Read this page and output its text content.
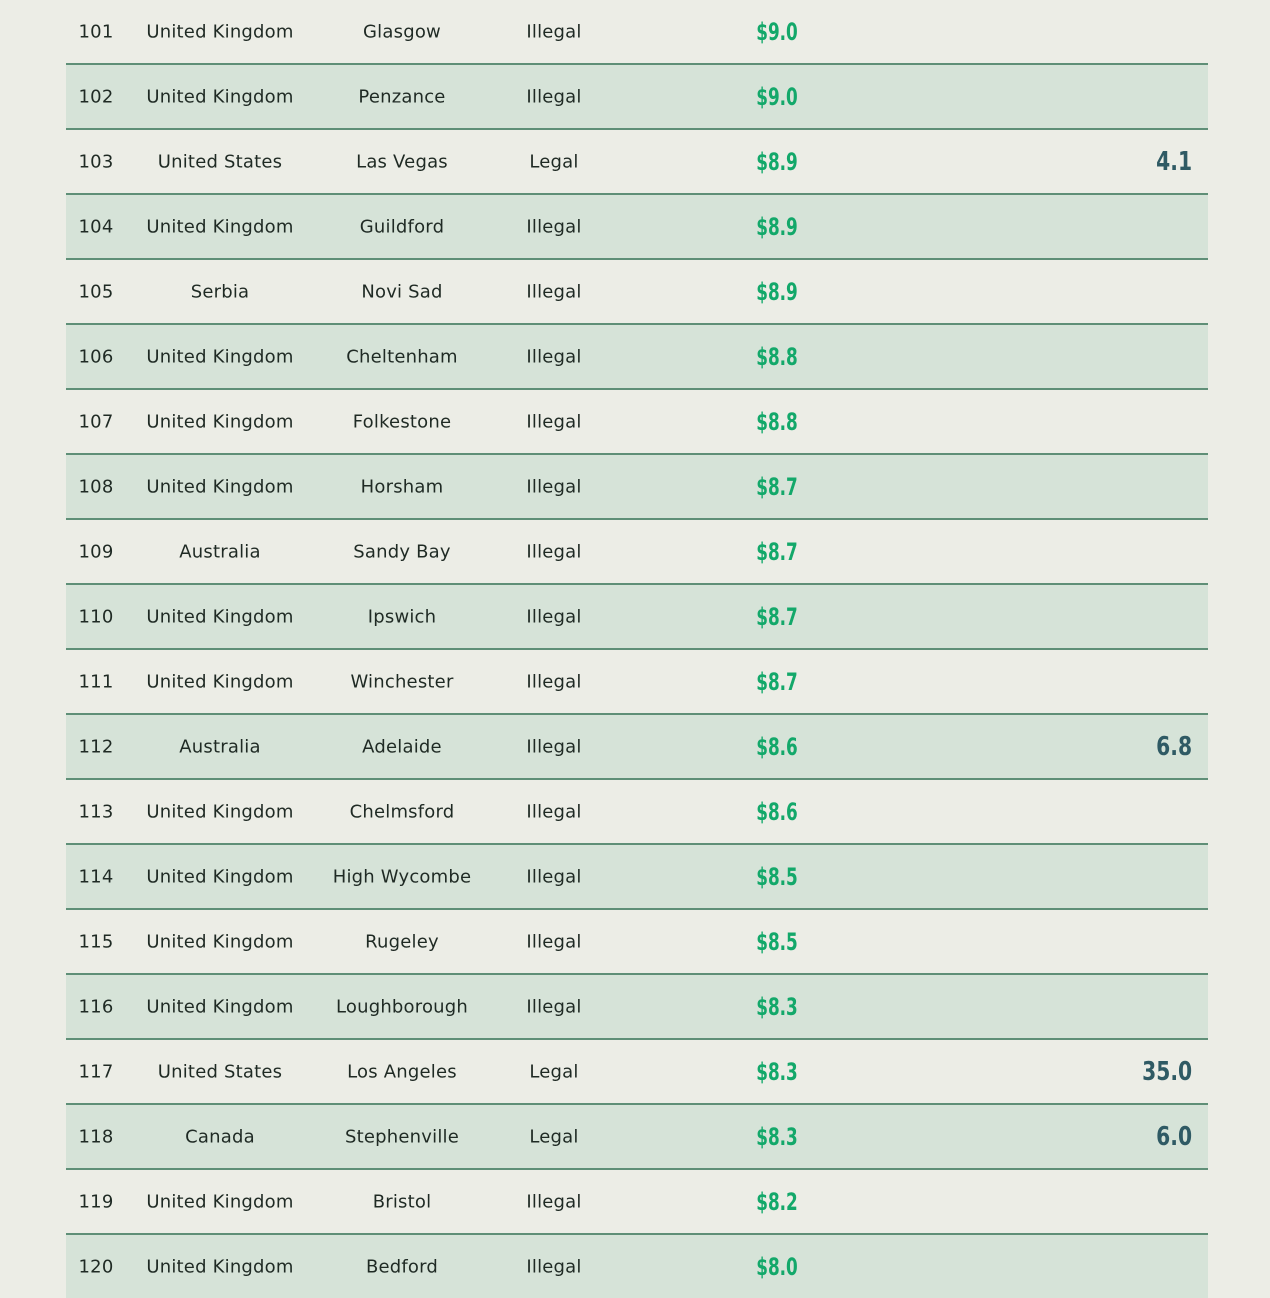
101 United Kingdom	Glasgow	Illegal	$9.0
102 United Kingdom	Penzance	Illegal	$9.0
103 United States	Las Vegas	Legal	$8.9	4.1
104 United Kingdom	Guildford	Illegal	$8.9
105	Serbia	Novi Sad	Illegal	$8.9
106 United Kingdom	Cheltenham	Illegal	$8.8
107 United Kingdom	Folkestone	Illegal	$8.8
108 United Kingdom	Horsham	Illegal	$8.7
109	Australia	Sandy Bay	Illegal	$8.7
110 United Kingdom	Ipswich	Illegal	$8.7
111 United Kingdom	Winchester	Illegal	$8.7
112	Australia	Adelaide	Illegal	$8.6	6.8
113 United Kingdom	Chelmsford	Illegal	$8.6
114 United Kingdom High Wycombe	Illegal	$8.5
115 United Kingdom	Rugeley	Illegal	$8.5
116 United Kingdom Loughborough	Illegal	$8.3
117 United States	Los Angeles	Legal	$8.3	35.0
118	Canada	Stephenville	Legal	$8.3	6.0
119 United Kingdom	Bristol	Illegal	$8.2
120 United Kingdom	Bedford	Illegal	$8.0
